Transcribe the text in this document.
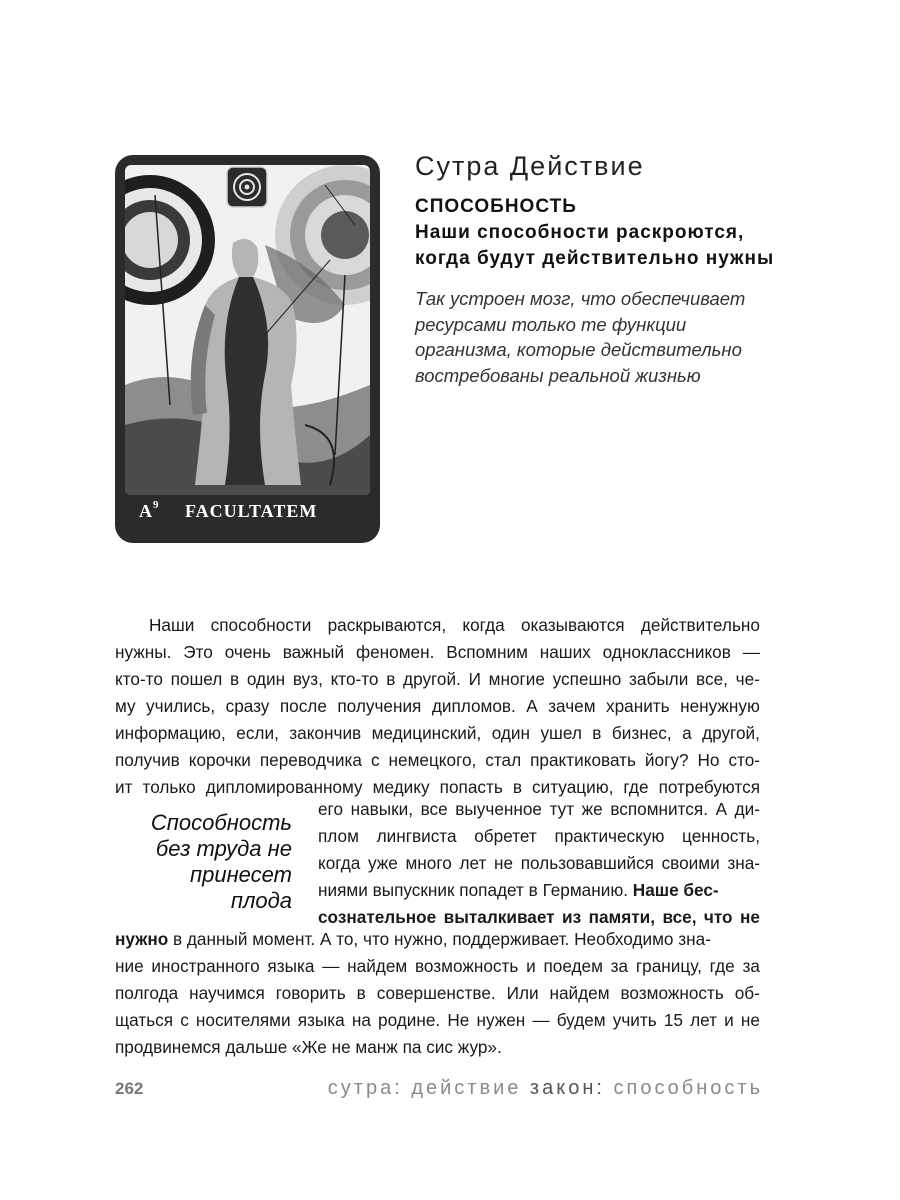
$A^9$ FACULTATEM
Сутра Действие
СПОСОБНОСТЬ
Наши способности раскроются,
когда будут действительно нужны
Так устроен мозг, что обеспечивает
ресурсами только те функции
организма, которые действительно
востребованы реальной жизнью
Наши способности раскрываются, когда оказываются действительно
нужны. Это очень важный феномен. Вспомним наших одноклассников —
кто-то пошел в один вуз, кто-то в другой. И многие успешно забыли все, че-
му учились, сразу после получения дипломов. А зачем хранить ненужную
информацию, если, закончив медицинский, один ушел в бизнес, а другой,
получив корочки переводчика с немецкого, стал практиковать йогу? Но сто-
ит только дипломированному медику попасть в ситуацию, где потребуются
Способность
без труда не
принесет
плода
его навыки, все выученное тут же вспомнится. А ди-
плом лингвиста обретет практическую ценность,
когда уже много лет не пользовавшийся своими зна-
ниями выпускник попадет в Германию.
Наше бес-
сознательное выталкивает из памяти, все, что не
нужно в данный момент. А то, что нужно, поддерживает. Необходимо зна-
ние иностранного языка — найдем возможность и поедем за границу, где за
полгода научимся говорить в совершенстве. Или найдем возможность об-
щаться с носителями языка на родине. Не нужен — будем учить 15 лет и не
продвинемся дальше «Же не манж па сис жур».
262	сутра: действие закон: способность
